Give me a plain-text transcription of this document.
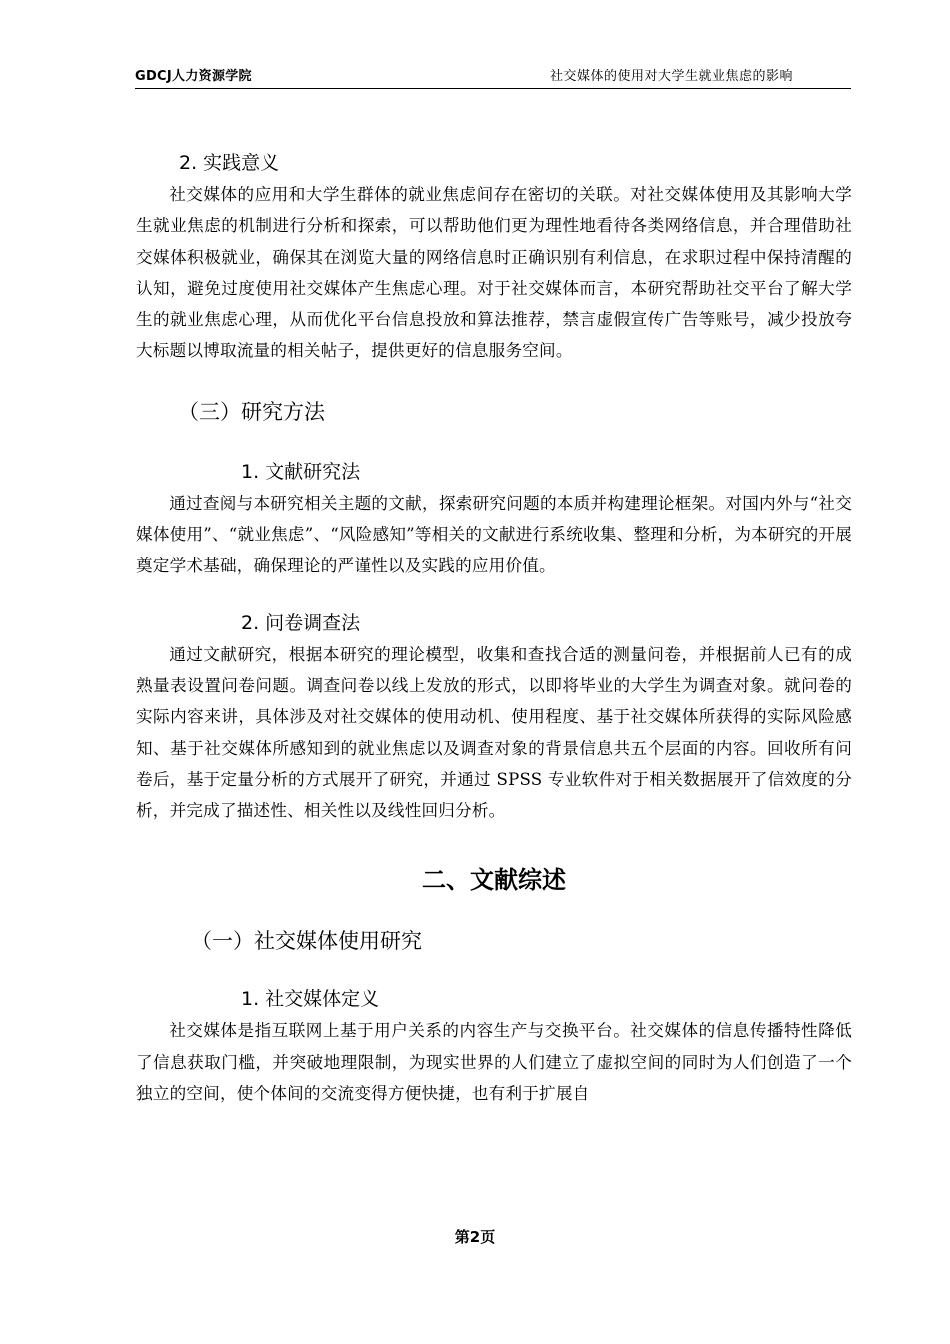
GDCJ人力资源学院	社交媒体的使用对大学生就业焦虑的影响
2. 实践意义

社交媒体的应用和大学生群体的就业焦虑间存在密切的关联。对社交媒体使用及其影响大学生就业焦虑的机制进行分析和探索，可以帮助他们更为理性地看待各类网络信息，并合理借助社交媒体积极就业，确保其在浏览大量的网络信息时正确识别有利信息，在求职过程中保持清醒的认知，避免过度使用社交媒体产生焦虑心理。对于社交媒体而言，本研究帮助社交平台了解大学生的就业焦虑心理，从而优化平台信息投放和算法推荐，禁言虚假宣传广告等账号，减少投放夸大标题以博取流量的相关帖子，提供更好的信息服务空间。

（三）研究方法
1. 文献研究法

通过查阅与本研究相关主题的文献，探索研究问题的本质并构建理论框架。对国内外与“社交媒体使用”、“就业焦虑”、“风险感知”等相关的文献进行系统收集、整理和分析，为本研究的开展奠定学术基础，确保理论的严谨性以及实践的应用价值。

2. 问卷调查法

通过文献研究，根据本研究的理论模型，收集和查找合适的测量问卷，并根据前人已有的成熟量表设置问卷问题。调查问卷以线上发放的形式，以即将毕业的大学生为调查对象。就问卷的实际内容来讲，具体涉及对社交媒体的使用动机、使用程度、基于社交媒体所获得的实际风险感知、基于社交媒体所感知到的就业焦虑以及调查对象的背景信息共五个层面的内容。回收所有问卷后，基于定量分析的方式展开了研究，并通过 SPSS 专业软件对于相关数据展开了信效度的分析，并完成了描述性、相关性以及线性回归分析。

二、文献综述
（一）社交媒体使用研究
1. 社交媒体定义

社交媒体是指互联网上基于用户关系的内容生产与交换平台。社交媒体的信息传播特性降低了信息获取门槛，并突破地理限制，为现实世界的人们建立了虚拟空间的同时为人们创造了一个独立的空间，使个体间的交流变得方便快捷，也有利于扩展自

第2页
